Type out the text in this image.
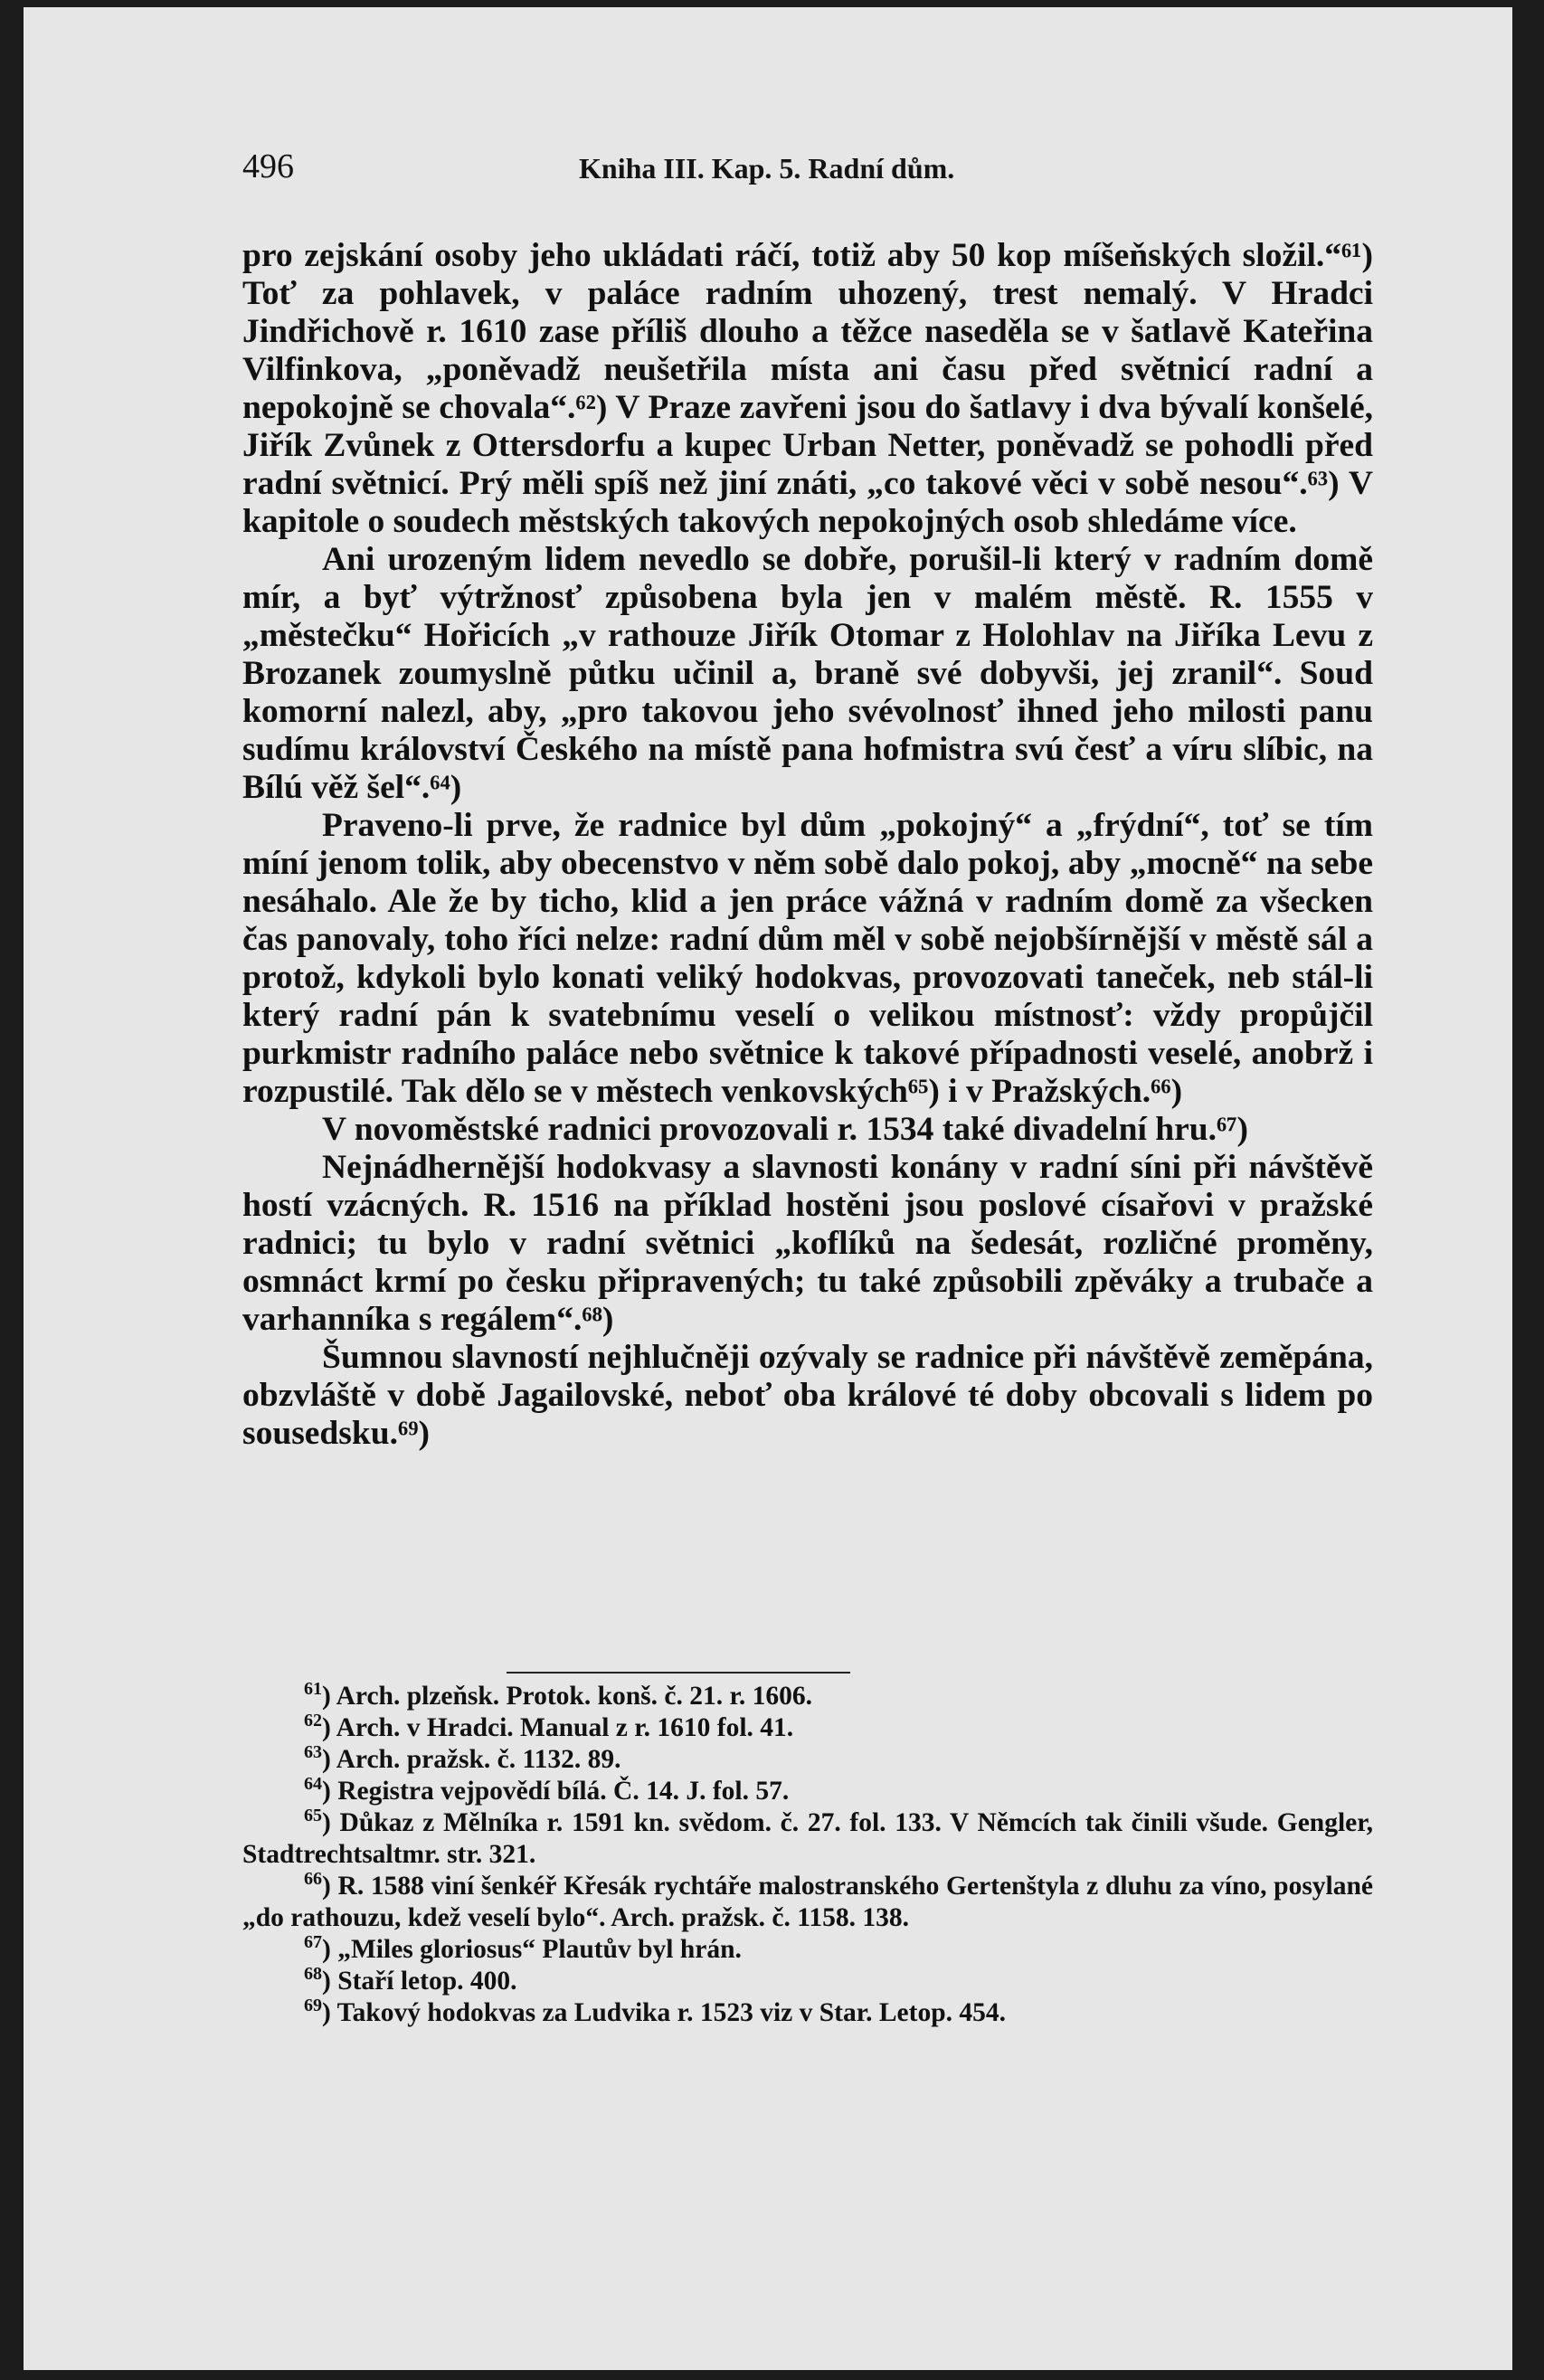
496	Kniha III. Kap. 5. Radní dům.

pro zejskání osoby jeho ukládati ráčí, totiž aby 50 kop míšeňských složil.“⁶¹) Toť za pohlavek, v paláce radním uhozený, trest nemalý. V Hradci Jindřichově r. 1610 zase příliš dlouho a těžce naseděla se v šatlavě Kateřina Vilfinkova, „poněvadž neušetřila místa ani času před světnicí radní a nepokojně se chovala“.⁶²) V Praze zavřeni jsou do šatlavy i dva bývalí konšelé, Jiřík Zvůnek z Ottersdorfu a kupec Urban Netter, poněvadž se pohodli před radní světnicí. Prý měli spíš než jiní znáti, „co takové věci v sobě nesou“.⁶³) V kapitole o soudech městských takových nepokojných osob shledáme více.

Ani urozeným lidem nevedlo se dobře, porušil-li který v radním domě mír, a byť výtržnosť způsobena byla jen v malém městě. R. 1555 v „městečku“ Hořicích „v rathouze Jiřík Otomar z Holohlav na Jiříka Levu z Brozanek zoumyslně půtku učinil a, braně své dobyvši, jej zranil“. Soud komorní nalezl, aby, „pro takovou jeho svévolnosť ihned jeho milosti panu sudímu království Českého na místě pana hofmistra svú česť a víru slíbic, na Bílú věž šel“.⁶⁴)

Praveno-li prve, že radnice byl dům „pokojný“ a „frýdní“, toť se tím míní jenom tolik, aby obecenstvo v něm sobě dalo pokoj, aby „mocně“ na sebe nesáhalo. Ale že by ticho, klid a jen práce vážná v radním domě za všecken čas panovaly, toho říci nelze: radní dům měl v sobě nejobšírnější v městě sál a protož, kdykoli bylo konati veliký hodokvas, provozovati taneček, neb stál-li který radní pán k svatebnímu veselí o velikou místnosť: vždy propůjčil purkmistr radního paláce nebo světnice k takové případnosti veselé, anobrž i rozpustilé. Tak dělo se v městech venkovských⁶⁵) i v Pražských.⁶⁶)

V novoměstské radnici provozovali r. 1534 také divadelní hru.⁶⁷)

Nejnádhernější hodokvasy a slavnosti konány v radní síni při návštěvě hostí vzácných. R. 1516 na příklad hostěni jsou poslové císařovi v pražské radnici; tu bylo v radní světnici „koflíků na šedesát, rozličné proměny, osmnáct krmí po česku připravených; tu také způsobili zpěváky a trubače a varhanníka s regálem“.⁶⁸)

Šumnou slavností nejhlučněji ozývaly se radnice při návštěvě zeměpána, obzvláště v době Jagailovské, neboť oba králové té doby obcovali s lidem po sousedsku.⁶⁹)

$^{61}$) Arch. plzeňsk. Protok. konš. č. 21. r. 1606.

$^{62}$) Arch. v Hradci. Manual z r. 1610 fol. 41.

$^{63}$) Arch. pražsk. č. 1132. 89.

$^{64}$) Registra vejpovědí bílá. Č. 14. J. fol. 57.

$^{65}$) Důkaz z Mělníka r. 1591 kn. svědom. č. 27. fol. 133. V Němcích tak činili všude. Gengler, Stadtrechtsaltmr. str. 321.

$^{66}$) R. 1588 viní šenkéř Křesák rychtáře malostranského Gertenštyla z dluhu za víno, posylané „do rathouzu, kdež veselí bylo“. Arch. pražsk. č. 1158. 138.

$^{67}$) „Miles gloriosus“ Plautův byl hrán.

$^{68}$) Staří letop. 400.

$^{69}$) Takový hodokvas za Ludvika r. 1523 viz v Star. Letop. 454.
